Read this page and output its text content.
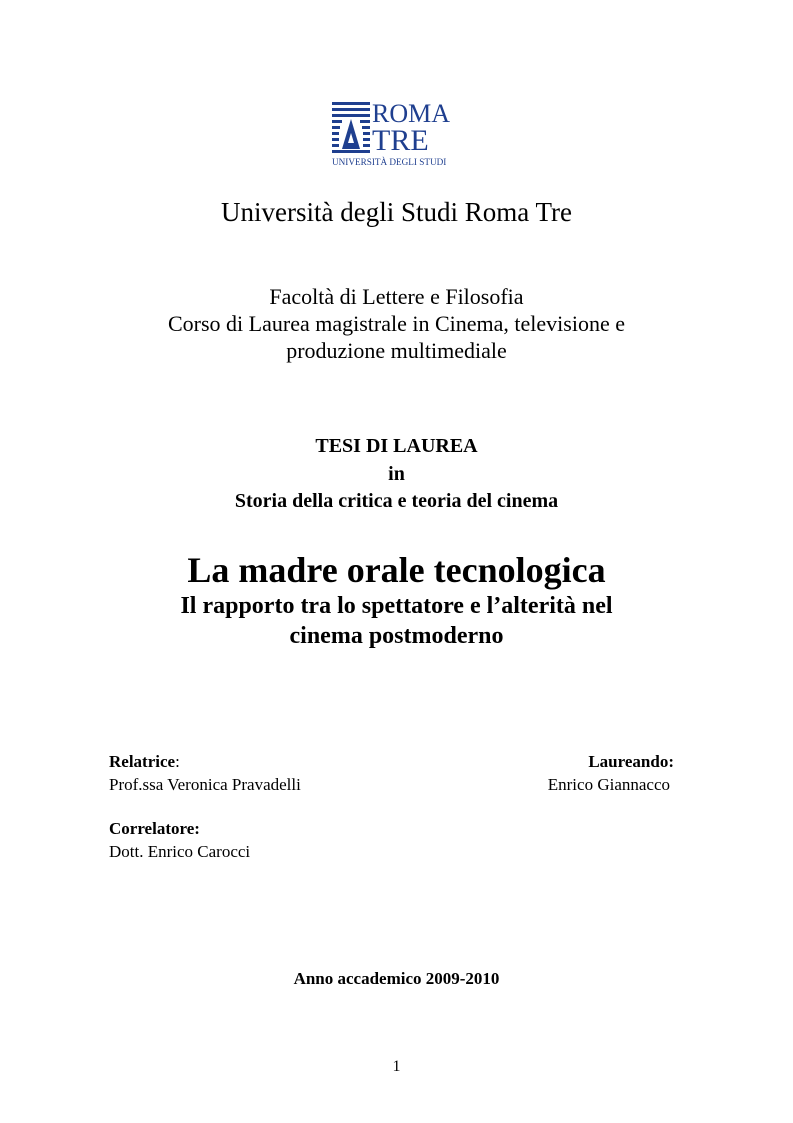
ROMA
TRE
UNIVERSITÀ DEGLI STUDI
Università degli Studi Roma Tre
Facoltà di Lettere e Filosofia
Corso di Laurea magistrale in Cinema, televisione e
produzione multimediale
TESI DI LAUREA
in
Storia della critica e teoria del cinema
La madre orale tecnologica
Il rapporto tra lo spettatore e l’alterità nel
cinema postmoderno
Relatrice:
Prof.ssa Veronica Pravadelli
Laureando:
Enrico Giannacco
Correlatore:
Dott. Enrico Carocci
Anno accademico 2009-2010
1
